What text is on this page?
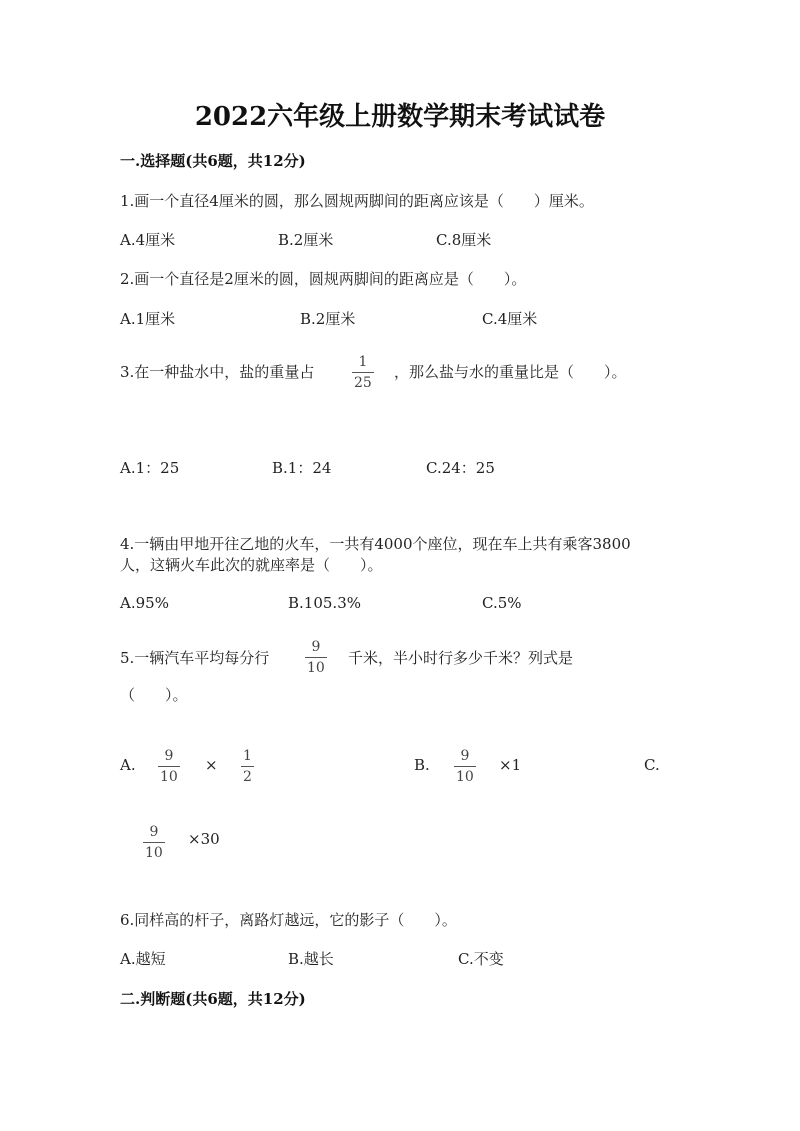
2022六年级上册数学期末考试试卷
一.选择题(共6题，共12分)
1.画一个直径4厘米的圆，那么圆规两脚间的距离应该是（　　）厘米。
A.4厘米	B.2厘米	C.8厘米
2.画一个直径是2厘米的圆，圆规两脚间的距离应是（　　）。
A.1厘米	B.2厘米	C.4厘米
3.在一种盐水中，盐的重量占
1
25
，那么盐与水的重量比是（　　）。
A.1：25	B.1：24	C.24：25
4.一辆由甲地开往乙地的火车，一共有4000个座位，现在车上共有乘客3800
人，这辆火车此次的就座率是（　　）。
A.95%	B.105.3%	C.5%
5.一辆汽车平均每分行
9
10
千米，半小时行多少千米？列式是
（　　）。
A. 9
10
× 1
2
B. 9
10
×1	C.
9
10
×30
6.同样高的杆子，离路灯越远，它的影子（　　）。
A.越短	B.越长	C.不变
二.判断题(共6题，共12分)
